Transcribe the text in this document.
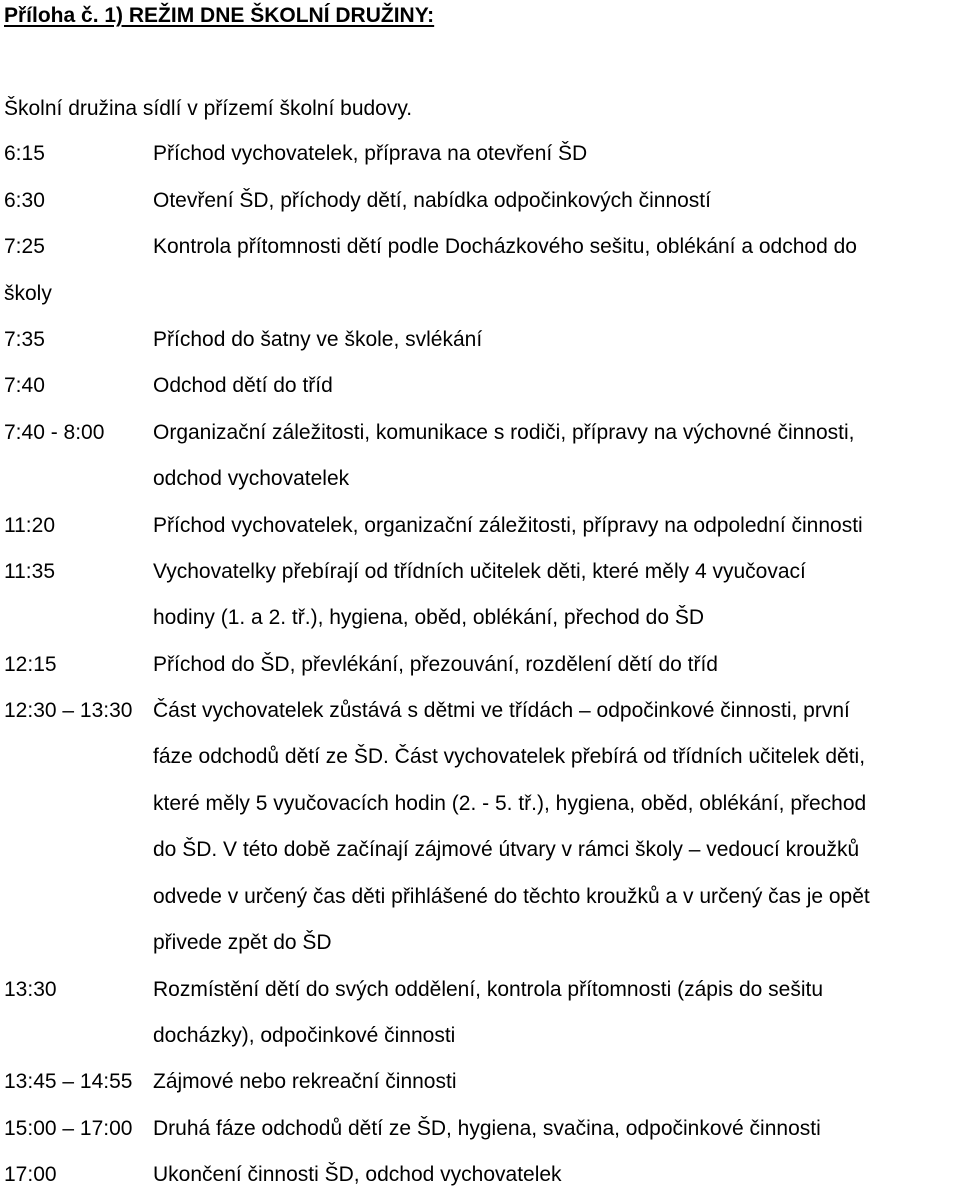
Příloha č. 1) REŽIM DNE ŠKOLNÍ DRUŽINY:
Školní družina sídlí v přízemí školní budovy.
6:15	Příchod vychovatelek, příprava na otevření ŠD
6:30	Otevření ŠD, příchody dětí, nabídka odpočinkových činností
7:25	Kontrola přítomnosti dětí podle Docházkového sešitu, oblékání a odchod do
školy
7:35	Příchod do šatny ve škole, svlékání
7:40	Odchod dětí do tříd
7:40 - 8:00 Organizační záležitosti, komunikace s rodiči, přípravy na výchovné činnosti,
odchod vychovatelek
11:20	Příchod vychovatelek, organizační záležitosti, přípravy na odpolední činnosti
11:35	Vychovatelky přebírají od třídních učitelek děti, které měly 4 vyučovací
hodiny (1. a 2. tř.), hygiena, oběd, oblékání, přechod do ŠD
12:15	Příchod do ŠD, převlékání, přezouvání, rozdělení dětí do tříd
12:30 – 13:30 Část vychovatelek zůstává s dětmi ve třídách – odpočinkové činnosti, první
fáze odchodů dětí ze ŠD. Část vychovatelek přebírá od třídních učitelek děti,
které měly 5 vyučovacích hodin (2. - 5. tř.), hygiena, oběd, oblékání, přechod
do ŠD. V této době začínají zájmové útvary v rámci školy – vedoucí kroužků
odvede v určený čas děti přihlášené do těchto kroužků a v určený čas je opět
přivede zpět do ŠD
13:30	Rozmístění dětí do svých oddělení, kontrola přítomnosti (zápis do sešitu
docházky), odpočinkové činnosti
13:45 – 14:55 Zájmové nebo rekreační činnosti
15:00 – 17:00 Druhá fáze odchodů dětí ze ŠD, hygiena, svačina, odpočinkové činnosti
17:00	Ukončení činnosti ŠD, odchod vychovatelek
